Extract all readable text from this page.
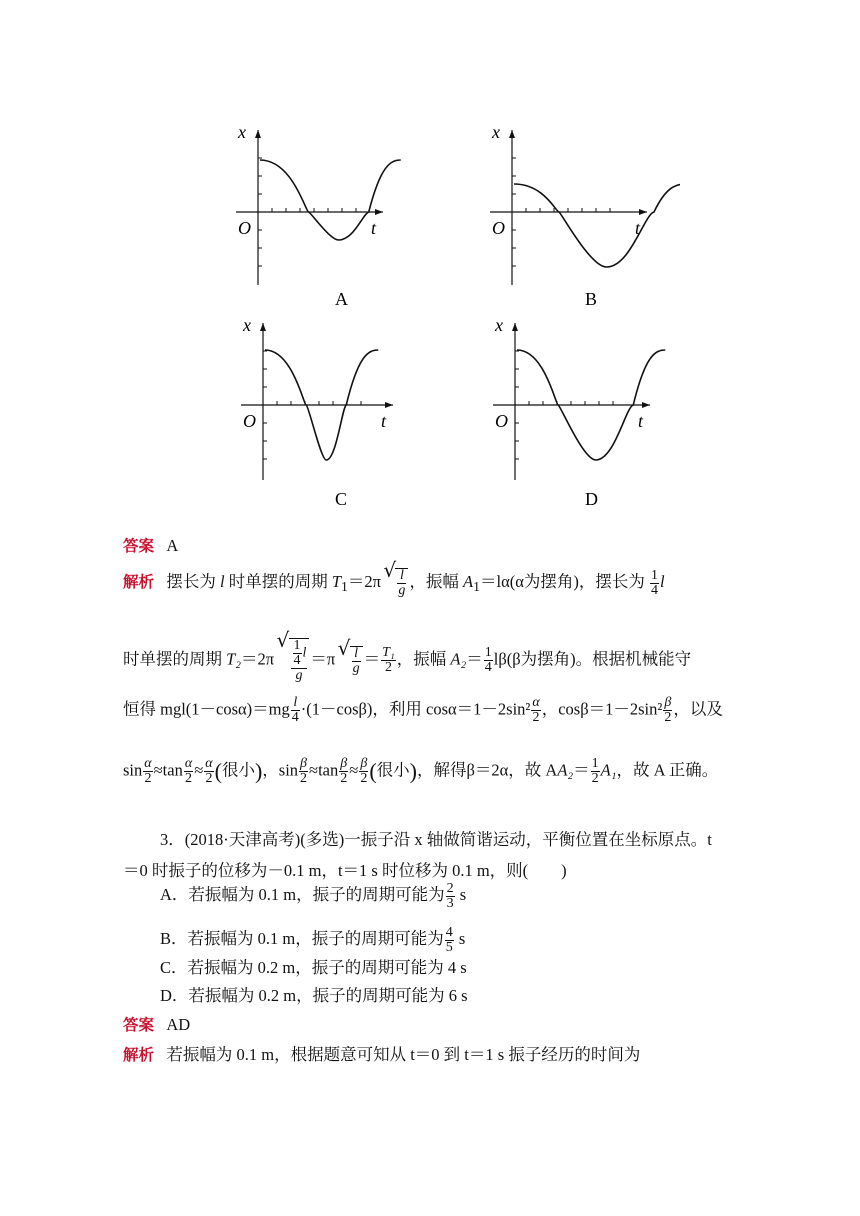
x
t
O
A
x
t
O
B
x
t
O
C
x
t
O
D
答案 A
解析 摆长为 l 时单摆的周期 $T_1=2\pi$ √ $\frac{l}{g}$ ，振幅 $A_1=l\alpha(\alpha$为摆角)，摆长为 $\frac{1}{4}$ l
时单摆的周期 T₂＝2π √ $\frac{\frac{1}{4} l}{g} =\pi$ √ $\frac{l}{g} = \frac{\text{T₁}}{2}$ ，振幅 $A_2= \frac{1}{4} l\beta(\beta$为摆角)。根据机械能守
恒得 $mgl(1-\cos\alpha)=mg \frac{l}{4} \cdot(1-\cos\beta)$，利用 $\cos\alpha=1-2\sin^2 \frac{\alpha}{2}$ ，$\cos\beta=1-2\sin^2 \frac{\beta}{2}$ ，以及
$\sin \frac{\alpha}{2} \approx\tan \frac{\alpha}{2} \approx \frac{\alpha}{2}$ (很小)，$\sin \frac{\beta}{2} \approx\tan \frac{\beta}{2} \approx \frac{\beta}{2}$ (很小)，解得β＝2α，故 $AA_2= \frac{1}{2} A_1$，故 A 正确。
3．(2018·天津高考)(多选)一振子沿 x 轴做简谐运动，平衡位置在坐标原点。t
＝0 时振子的位移为－0.1 m，t＝1 s 时位移为 0.1 m，则(　　)
A．若振幅为 0.1 m，振子的周期可能为 $\frac{2}{3}$ s
B．若振幅为 0.1 m，振子的周期可能为 $\frac{4}{5}$ s
C．若振幅为 0.2 m，振子的周期可能为 4 s
D．若振幅为 0.2 m，振子的周期可能为 6 s
答案 AD
解析 若振幅为 0.1 m，根据题意可知从 t＝0 到 t＝1 s 振子经历的时间为
